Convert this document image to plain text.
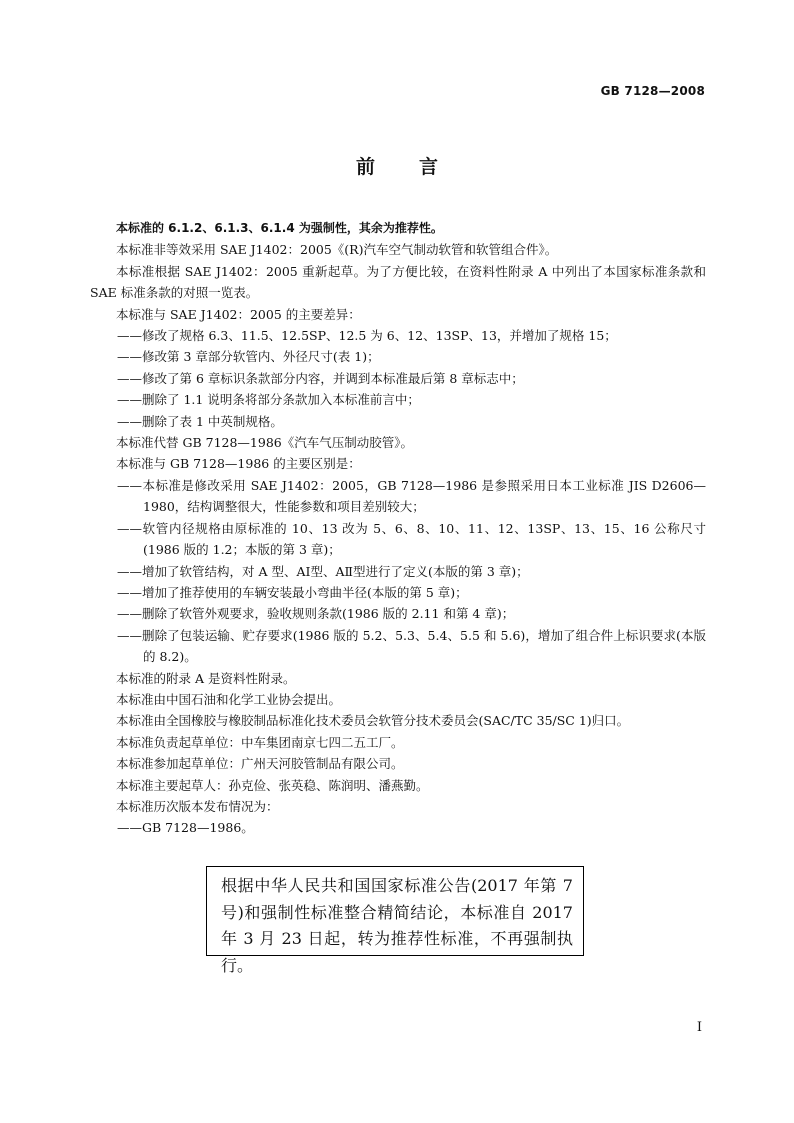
GB 7128—2008
前言

本标准的 6.1.2、6.1.3、6.1.4 为强制性，其余为推荐性。

本标准非等效采用 SAE J1402：2005《(R)汽车空气制动软管和软管组合件》。

本标准根据 SAE J1402：2005 重新起草。为了方便比较，在资料性附录 A 中列出了本国家标准条款和 SAE 标准条款的对照一览表。

本标准与 SAE J1402：2005 的主要差异：

——修改了规格 6.3、11.5、12.5SP、12.5 为 6、12、13SP、13，并增加了规格 15；

——修改第 3 章部分软管内、外径尺寸(表 1)；

——修改了第 6 章标识条款部分内容，并调到本标准最后第 8 章标志中；

——删除了 1.1 说明条将部分条款加入本标准前言中；

——删除了表 1 中英制规格。

本标准代替 GB 7128—1986《汽车气压制动胶管》。

本标准与 GB 7128—1986 的主要区别是：

——本标准是修改采用 SAE J1402：2005，GB 7128—1986 是参照采用日本工业标准 JIS D2606—1980，结构调整很大，性能参数和项目差别较大；

——软管内径规格由原标准的 10、13 改为 5、6、8、10、11、12、13SP、13、15、16 公称尺寸(1986 版的 1.2；本版的第 3 章)；

——增加了软管结构，对 A 型、AⅠ型、AⅡ型进行了定义(本版的第 3 章)；

——增加了推荐使用的车辆安装最小弯曲半径(本版的第 5 章)；

——删除了软管外观要求，验收规则条款(1986 版的 2.11 和第 4 章)；

——删除了包装运输、贮存要求(1986 版的 5.2、5.3、5.4、5.5 和 5.6)，增加了组合件上标识要求(本版的 8.2)。

本标准的附录 A 是资料性附录。

本标准由中国石油和化学工业协会提出。

本标准由全国橡胶与橡胶制品标准化技术委员会软管分技术委员会(SAC/TC 35/SC 1)归口。

本标准负责起草单位：中车集团南京七四二五工厂。

本标准参加起草单位：广州天河胶管制品有限公司。

本标准主要起草人：孙克俭、张英稳、陈润明、潘燕勤。

本标准历次版本发布情况为：

——GB 7128—1986。

根据中华人民共和国国家标准公告(2017 年第 7 号)和强制性标准整合精简结论，本标准自 2017 年 3 月 23 日起，转为推荐性标准，不再强制执行。
I
